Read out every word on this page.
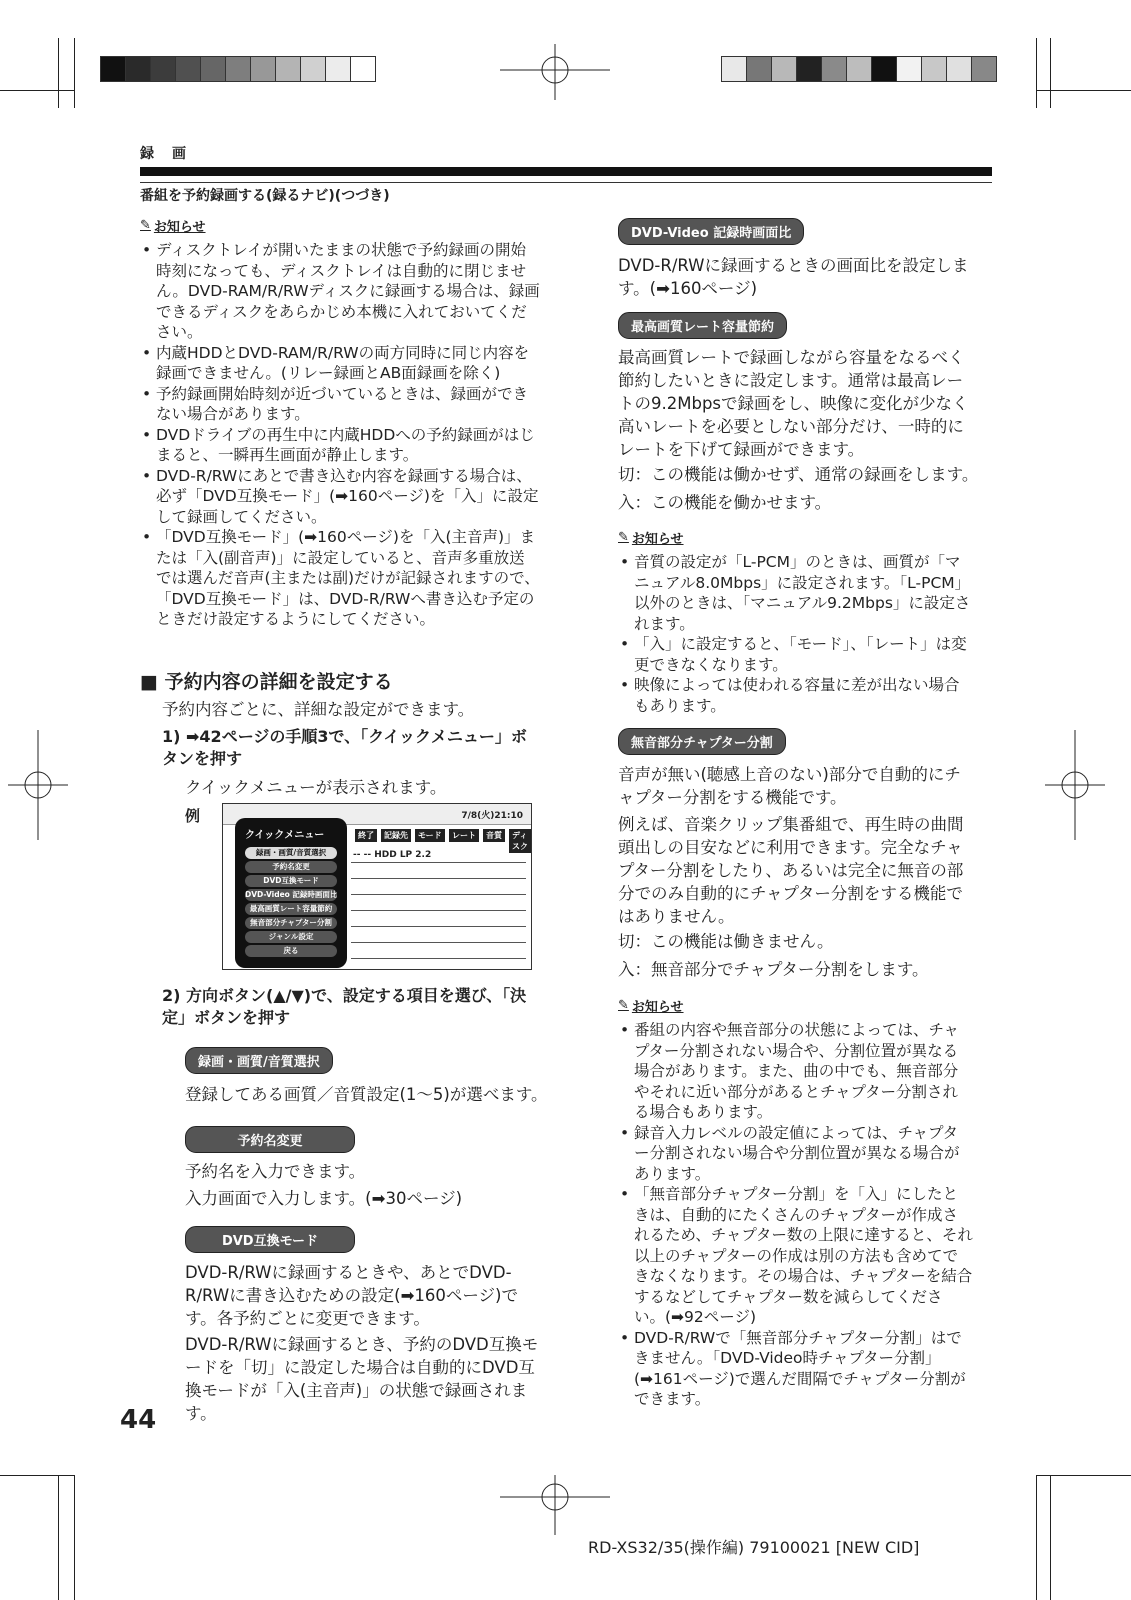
録　画
番組を予約録画する(録るナビ)(つづき)
✎ お知らせ
• ディスクトレイが開いたままの状態で予約録画の開始時刻になっても、ディスクトレイは自動的に閉じません。DVD-RAM/R/RWディスクに録画する場合は、録画できるディスクをあらかじめ本機に入れておいてください。
• 内蔵HDDとDVD-RAM/R/RWの両方同時に同じ内容を録画できません。(リレー録画とAB面録画を除く)
• 予約録画開始時刻が近づいているときは、録画ができない場合があります。
• DVDドライブの再生中に内蔵HDDへの予約録画がはじまると、一瞬再生画面が静止します。
• DVD-R/RWにあとで書き込む内容を録画する場合は、必ず「DVD互換モード」(➡160ページ)を「入」に設定して録画してください。
• 「DVD互換モード」(➡160ページ)を「入(主音声)」または「入(副音声)」に設定していると、音声多重放送では選んだ音声(主または副)だけが記録されますので、「DVD互換モード」は、DVD-R/RWへ書き込む予定のときだけ設定するようにしてください。
■ 予約内容の詳細を設定する

予約内容ごとに、詳細な設定ができます。

1) ➡42ページの手順3で、「クイックメニュー」ボタンを押す

クイックメニューが表示されます。

例	7/8(火)21:10
終了	記録先	モード	レート	音質	ディスク
-- -- HDD LP 2.2
クイックメニュー
録画・画質/音質選択
予約名変更
DVD互換モード
DVD-Video 記録時画面比
最高画質レート容量節約
無音部分チャプター分割
ジャンル設定
戻る
2) 方向ボタン(▲/▼)で、設定する項目を選び、「決定」ボタンを押す
録画・画質/音質選択

登録してある画質／音質設定(1〜5)が選べます。

予約名変更

予約名を入力できます。

入力画面で入力します。(➡30ページ)

DVD互換モード

DVD-R/RWに録画するときや、あとでDVD-R/RWに書き込むための設定(➡160ページ)です。各予約ごとに変更できます。

DVD-R/RWに録画するとき、予約のDVD互換モードを「切」に設定した場合は自動的にDVD互換モードが「入(主音声)」の状態で録画されます。

44
DVD-Video 記録時画面比

DVD-R/RWに録画するときの画面比を設定します。(➡160ページ)

最高画質レート容量節約

最高画質レートで録画しながら容量をなるべく節約したいときに設定します。通常は最高レートの9.2Mbpsで録画をし、映像に変化が少なく高いレートを必要としない部分だけ、一時的にレートを下げて録画ができます。

切：この機能は働かせず、通常の録画をします。

入：この機能を働かせます。

✎ お知らせ
• 音質の設定が「L-PCM」のときは、画質が「マニュアル8.0Mbps」に設定されます。「L-PCM」以外のときは、「マニュアル9.2Mbps」に設定されます。
• 「入」に設定すると、「モード」、「レート」は変更できなくなります。
• 映像によっては使われる容量に差が出ない場合もあります。
無音部分チャプター分割

音声が無い(聴感上音のない)部分で自動的にチャプター分割をする機能です。

例えば、音楽クリップ集番組で、再生時の曲間頭出しの目安などに利用できます。完全なチャプター分割をしたり、あるいは完全に無音の部分でのみ自動的にチャプター分割をする機能ではありません。

切：この機能は働きません。

入：無音部分でチャプター分割をします。

✎ お知らせ
• 番組の内容や無音部分の状態によっては、チャプター分割されない場合や、分割位置が異なる場合があります。また、曲の中でも、無音部分やそれに近い部分があるとチャプター分割される場合もあります。
• 録音入力レベルの設定値によっては、チャプター分割されない場合や分割位置が異なる場合があります。
• 「無音部分チャプター分割」を「入」にしたときは、自動的にたくさんのチャプターが作成されるため、チャプター数の上限に達すると、それ以上のチャプターの作成は別の方法も含めてできなくなります。その場合は、チャプターを結合するなどしてチャプター数を減らしてください。(➡92ページ)
• DVD-R/RWで「無音部分チャプター分割」はできません。「DVD-Video時チャプター分割」(➡161ページ)で選んだ間隔でチャプター分割ができます。
RD-XS32/35(操作編) 79100021 [NEW CID]
